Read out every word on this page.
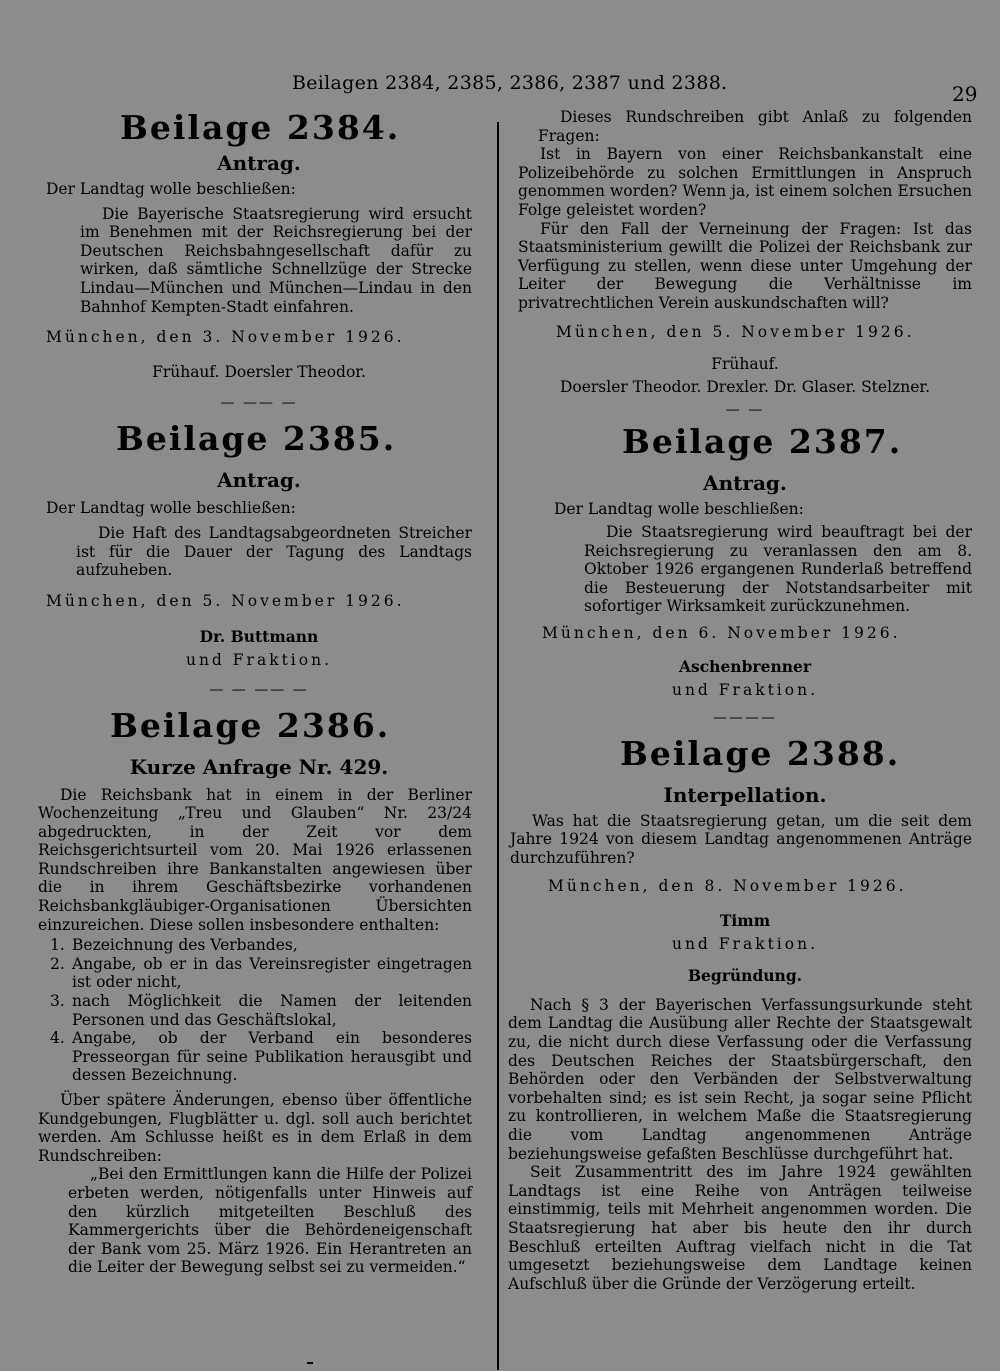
Beilagen 2384, 2385, 2386, 2387 und 2388.	29
Beilage 2384.
Antrag.

Der Landtag wolle beschließen:

Die Bayerische Staatsregierung wird ersucht im Benehmen mit der Reichsregierung bei der Deutschen Reichsbahngesellschaft dafür zu wirken, daß sämtliche Schnellzüge der Strecke Lindau—München und München—Lindau in den Bahnhof Kempten-Stadt einfahren.

München, den 3. November 1926.

Frühauf. Doersler Theodor.

— —— —
Beilage 2385.
Antrag.

Der Landtag wolle beschließen:

Die Haft des Landtagsabgeordneten Streicher ist für die Dauer der Tagung des Landtags aufzuheben.

München, den 5. November 1926.

Dr. Buttmann

und Fraktion.

— — —— —
Beilage 2386.
Kurze Anfrage Nr. 429.

Die Reichsbank hat in einem in der Berliner Wochenzeitung „Treu und Glauben“ Nr. 23/24 abgedruckten, in der Zeit vor dem Reichsgerichtsurteil vom 20. Mai 1926 erlassenen Rundschreiben ihre Bankanstalten angewiesen über die in ihrem Geschäftsbezirke vorhandenen Reichsbankgläubiger-Organisationen Übersichten einzureichen. Diese sollen insbesondere enthalten:

1. Bezeichnung des Verbandes,
2. Angabe, ob er in das Vereinsregister eingetragen ist oder nicht,
3. nach Möglichkeit die Namen der leitenden Personen und das Geschäftslokal,
4. Angabe, ob der Verband ein besonderes Presseorgan für seine Publikation herausgibt und dessen Bezeichnung.

Über spätere Änderungen, ebenso über öffentliche Kundgebungen, Flugblätter u. dgl. soll auch berichtet werden. Am Schlusse heißt es in dem Erlaß in dem Rundschreiben:

„Bei den Ermittlungen kann die Hilfe der Polizei erbeten werden, nötigenfalls unter Hinweis auf den kürzlich mitgeteilten Beschluß des Kammergerichts über die Behördeneigenschaft der Bank vom 25. März 1926. Ein Herantreten an die Leiter der Bewegung selbst sei zu vermeiden.“

Dieses Rundschreiben gibt Anlaß zu folgenden Fragen:

Ist in Bayern von einer Reichsbankanstalt eine Polizeibehörde zu solchen Ermittlungen in Anspruch genommen worden? Wenn ja, ist einem solchen Ersuchen Folge geleistet worden?

Für den Fall der Verneinung der Fragen: Ist das Staatsministerium gewillt die Polizei der Reichsbank zur Verfügung zu stellen, wenn diese unter Umgehung der Leiter der Bewegung die Verhältnisse im privatrechtlichen Verein auskundschaften will?

München, den 5. November 1926.

Frühauf.

Doersler Theodor. Drexler. Dr. Glaser. Stelzner.

— —
Beilage 2387.
Antrag.

Der Landtag wolle beschließen:

Die Staatsregierung wird beauftragt bei der Reichsregierung zu veranlassen den am 8. Oktober 1926 ergangenen Runderlaß betreffend die Besteuerung der Notstandsarbeiter mit sofortiger Wirksamkeit zurückzunehmen.

München, den 6. November 1926.

Aschenbrenner

und Fraktion.

————
Beilage 2388.
Interpellation.

Was hat die Staatsregierung getan, um die seit dem Jahre 1924 von diesem Landtag angenommenen Anträge durchzuführen?

München, den 8. November 1926.

Timm

und Fraktion.

Begründung.

Nach § 3 der Bayerischen Verfassungsurkunde steht dem Landtag die Ausübung aller Rechte der Staatsgewalt zu, die nicht durch diese Verfassung oder die Verfassung des Deutschen Reiches der Staatsbürgerschaft, den Behörden oder den Verbänden der Selbstverwaltung vorbehalten sind; es ist sein Recht, ja sogar seine Pflicht zu kontrollieren, in welchem Maße die Staatsregierung die vom Landtag angenommenen Anträge beziehungsweise gefaßten Beschlüsse durchgeführt hat.

Seit Zusammentritt des im Jahre 1924 gewählten Landtags ist eine Reihe von Anträgen teilweise einstimmig, teils mit Mehrheit angenommen worden. Die Staatsregierung hat aber bis heute den ihr durch Beschluß erteilten Auftrag vielfach nicht in die Tat umgesetzt beziehungsweise dem Landtage keinen Aufschluß über die Gründe der Verzögerung erteilt.
